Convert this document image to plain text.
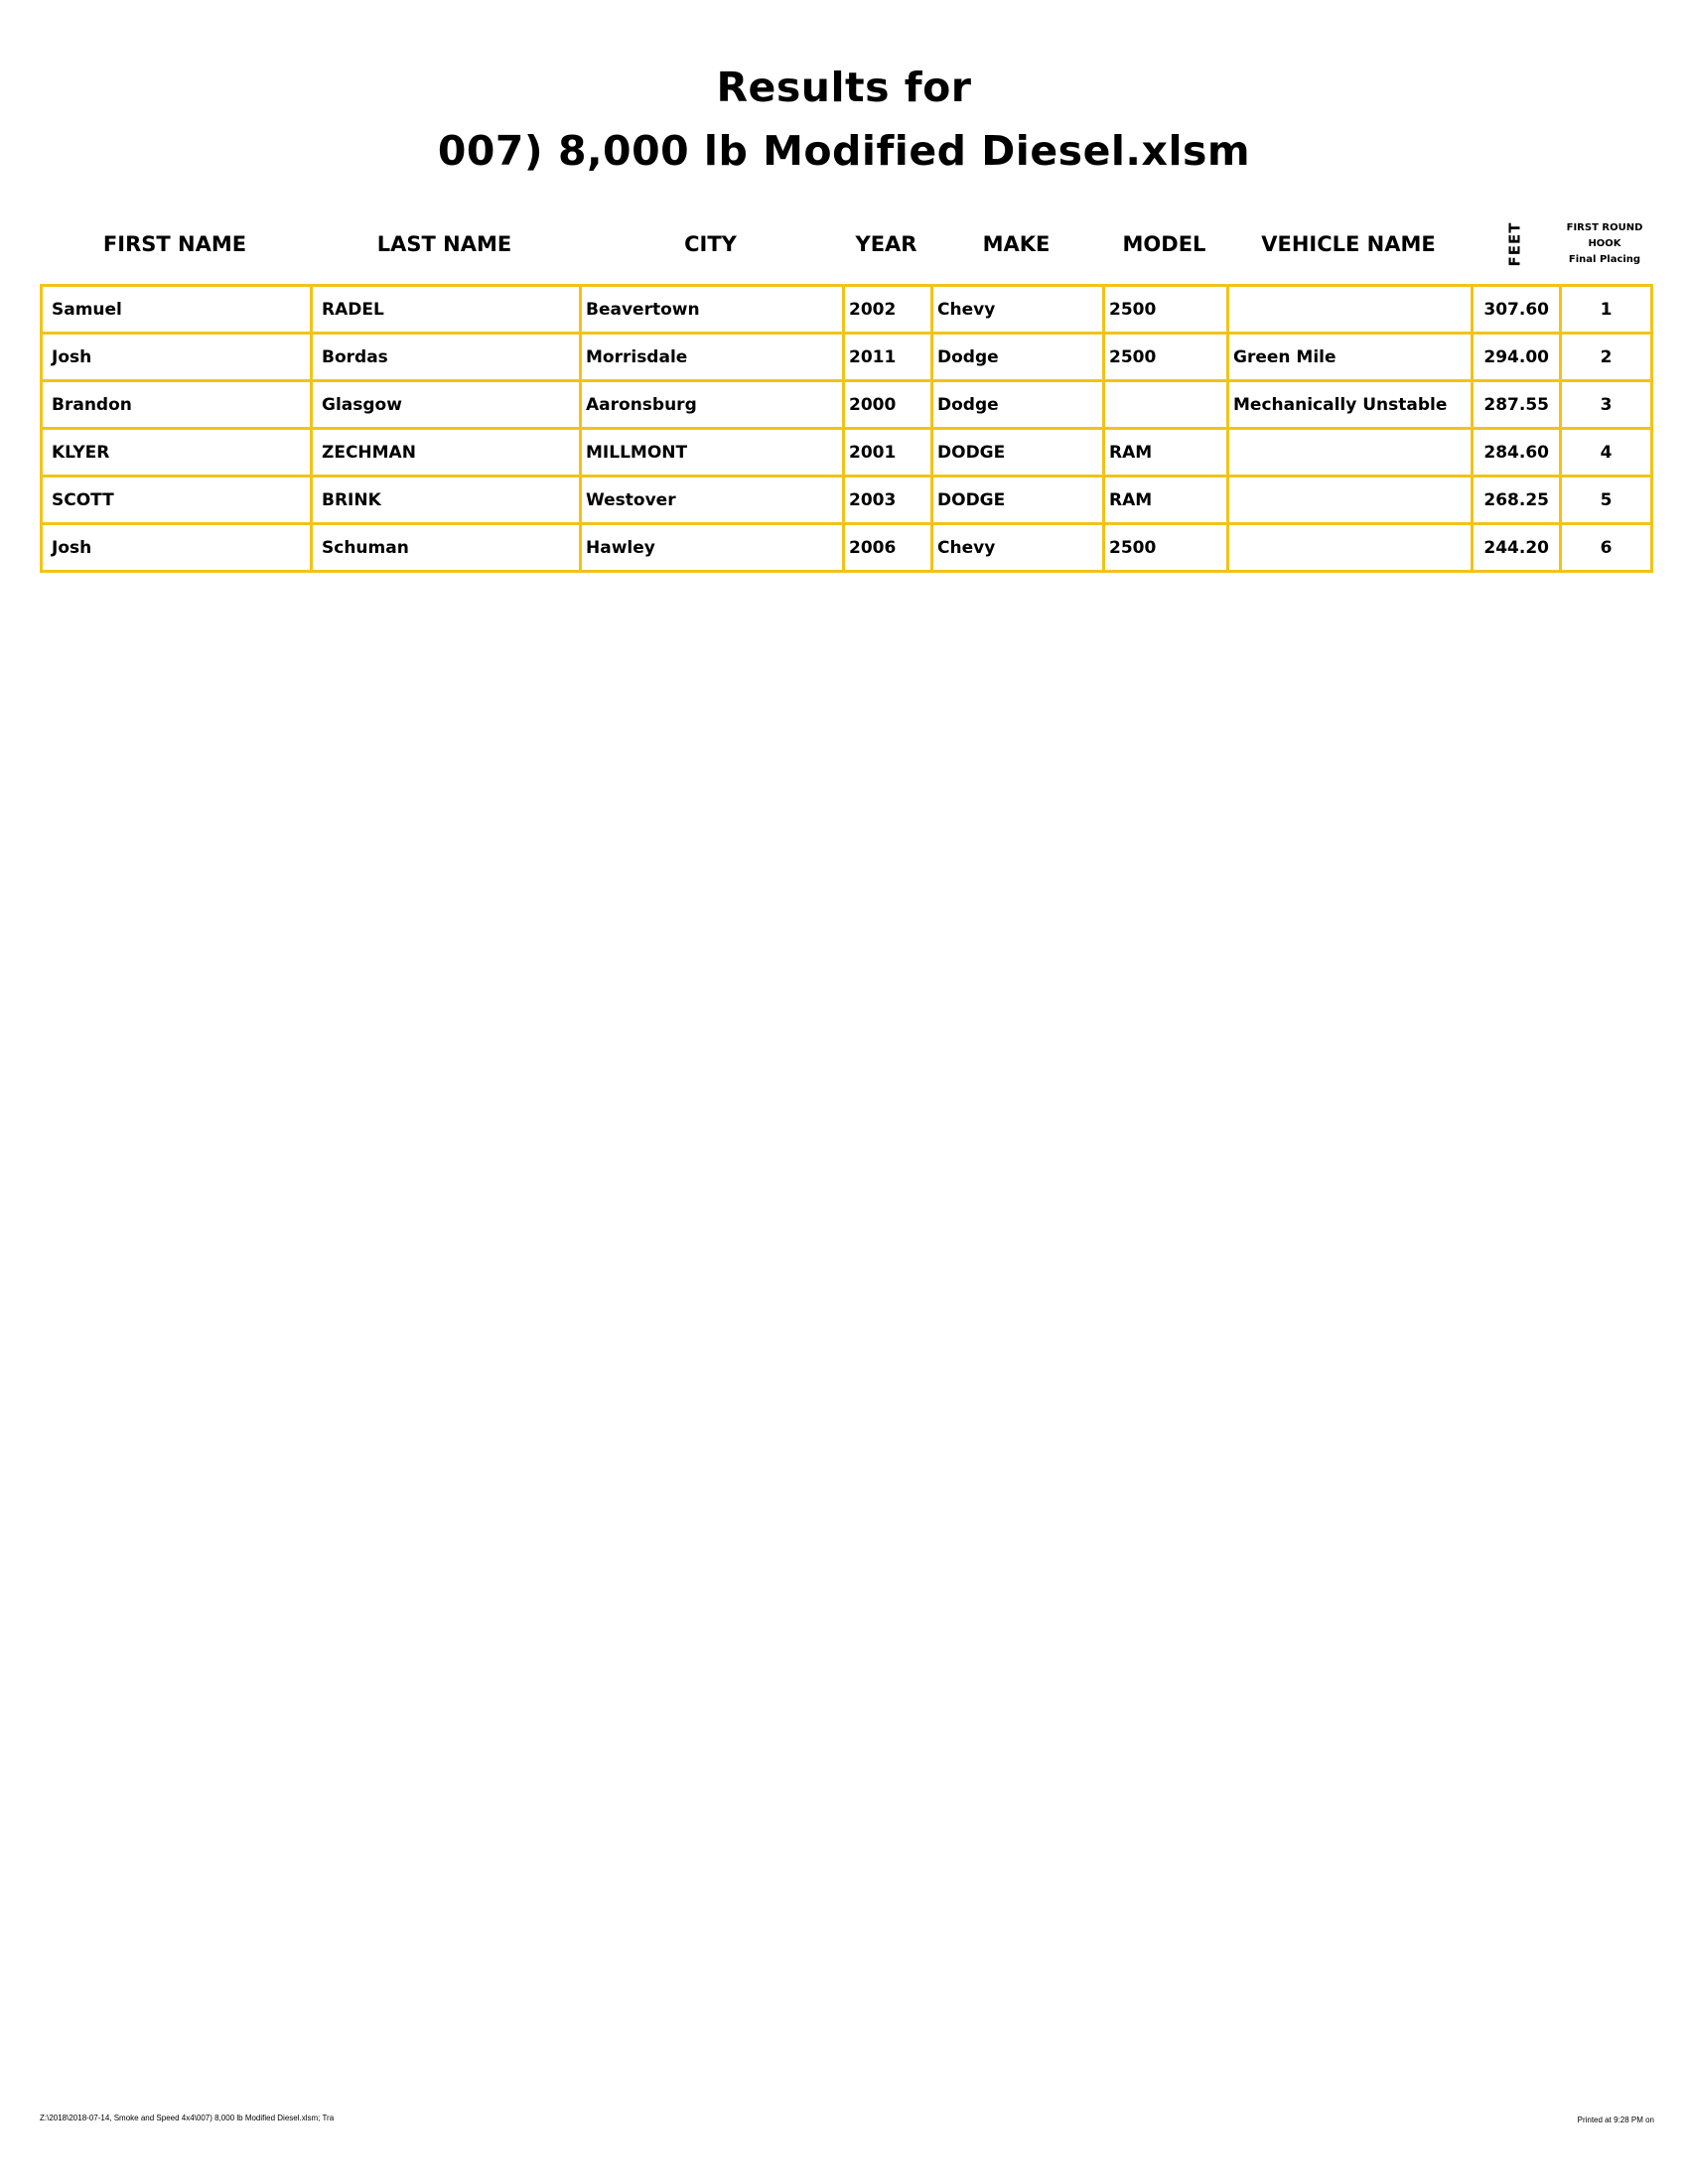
Results for
007) 8,000 lb Modified Diesel.xlsm
FIRST NAME	LAST NAME	CITY	YEAR	MAKE	MODEL	VEHICLE NAME	FEET	FIRST ROUND
HOOK
Final Placing
Samuel	RADEL	Beavertown	2002	Chevy	2500		307.60	1
Josh	Bordas	Morrisdale	2011	Dodge	2500	Green Mile	294.00	2
Brandon	Glasgow	Aaronsburg	2000	Dodge		Mechanically Unstable	287.55	3
KLYER	ZECHMAN	MILLMONT	2001	DODGE	RAM		284.60	4
SCOTT	BRINK	Westover	2003	DODGE	RAM		268.25	5
Josh	Schuman	Hawley	2006	Chevy	2500		244.20	6
Z:\2018\2018-07-14, Smoke and Speed 4x4\007) 8,000 lb Modified Diesel.xlsm; Tra	Printed at 9:28 PM on
